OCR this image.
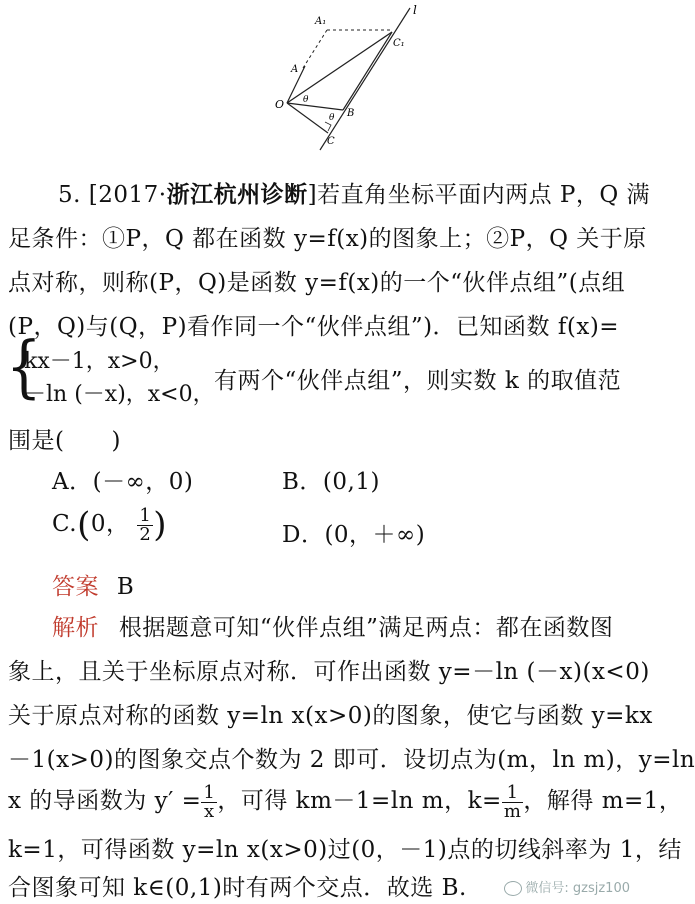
l
A₁
C₁
A
O θ
θ B
C
5. [2017·浙江杭州诊断]若直角坐标平面内两点 P，Q 满
足条件：①P，Q 都在函数 y=f(x)的图象上；②P，Q 关于原
点对称，则称(P，Q)是函数 y=f(x)的一个“伙伴点组”(点组
(P，Q)与(Q，P)看作同一个“伙伴点组”)．已知函数 f(x)=
{
kx－1，x>0，
－ln (－x)，x<0，
有两个“伙伴点组”，则实数 k 的取值范
围是(　　)
A．(－∞，0)	B．(0,1)
C.(0， $\frac{1}{2}$ )	D．(0，＋∞)
答案 B
解析 根据题意可知“伙伴点组”满足两点：都在函数图
象上，且关于坐标原点对称．可作出函数 y=－ln (－x)(x<0)
关于原点对称的函数 y=ln x(x>0)的图象，使它与函数 y=kx
－1(x>0)的图象交点个数为 2 即可．设切点为(m，ln m)，y=ln
x 的导函数为 $y' = \frac{1}{x}$ ，可得 km－1=ln m，$k= \frac{1}{m}$ ，解得 m=1，
k=1，可得函数 y=ln x(x>0)过(0，－1)点的切线斜率为 1，结
合图象可知 k∈(0,1)时有两个交点．故选 B.	微信号: gzsjz100
